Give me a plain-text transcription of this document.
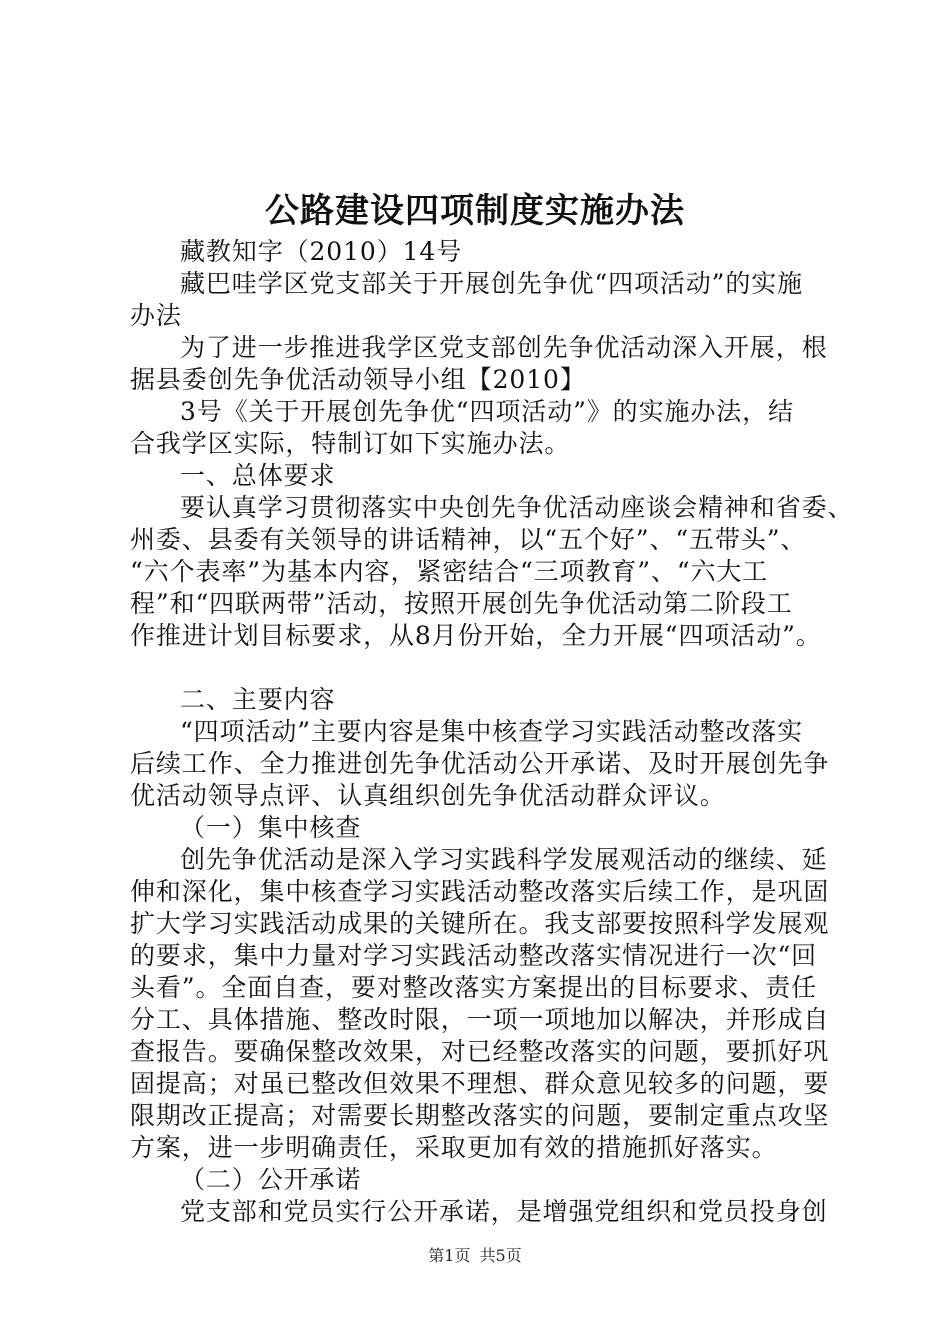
公路建设四项制度实施办法
藏教知字（2010）14号
藏巴哇学区党支部关于开展创先争优“四项活动”的实施
办法
为了进一步推进我学区党支部创先争优活动深入开展，根
据县委创先争优活动领导小组【2010】
3号《关于开展创先争优“四项活动”》的实施办法，结
合我学区实际，特制订如下实施办法。
一、总体要求
要认真学习贯彻落实中央创先争优活动座谈会精神和省委、
州委、县委有关领导的讲话精神，以“五个好”、“五带头”、
“六个表率”为基本内容，紧密结合“三项教育”、“六大工
程”和“四联两带”活动，按照开展创先争优活动第二阶段工
作推进计划目标要求，从8月份开始，全力开展“四项活动”。
二、主要内容
“四项活动”主要内容是集中核查学习实践活动整改落实
后续工作、全力推进创先争优活动公开承诺、及时开展创先争
优活动领导点评、认真组织创先争优活动群众评议。
（一）集中核查
创先争优活动是深入学习实践科学发展观活动的继续、延
伸和深化，集中核查学习实践活动整改落实后续工作，是巩固
扩大学习实践活动成果的关键所在。我支部要按照科学发展观
的要求，集中力量对学习实践活动整改落实情况进行一次“回
头看”。全面自查，要对整改落实方案提出的目标要求、责任
分工、具体措施、整改时限，一项一项地加以解决，并形成自
查报告。要确保整改效果，对已经整改落实的问题，要抓好巩
固提高；对虽已整改但效果不理想、群众意见较多的问题，要
限期改正提高；对需要长期整改落实的问题，要制定重点攻坚
方案，进一步明确责任，采取更加有效的措施抓好落实。
（二）公开承诺
党支部和党员实行公开承诺，是增强党组织和党员投身创
第1页 共5页
